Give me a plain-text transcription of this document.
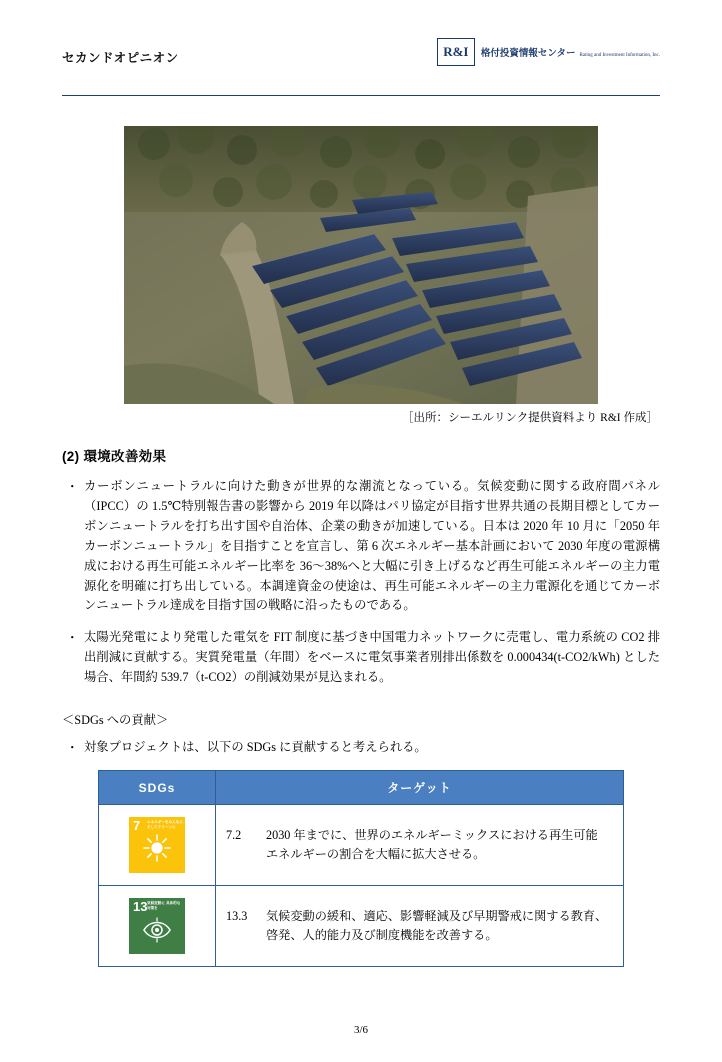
セカンドオピニオン	R&I 格付投資情報センター Rating and Investment Information, Inc.
［出所：シーエルリンク提供資料より R&I 作成］
(2) 環境改善効果
・ カーボンニュートラルに向けた動きが世界的な潮流となっている。気候変動に関する政府間パネル（IPCC）の 1.5℃特別報告書の影響から 2019 年以降はパリ協定が目指す世界共通の長期目標としてカーボンニュートラルを打ち出す国や自治体、企業の動きが加速している。日本は 2020 年 10 月に「2050 年カーボンニュートラル」を目指すことを宣言し、第 6 次エネルギー基本計画において 2030 年度の電源構成における再生可能エネルギー比率を 36〜38%へと大幅に引き上げるなど再生可能エネルギーの主力電源化を明確に打ち出している。本調達資金の使途は、再生可能エネルギーの主力電源化を通じてカーボンニュートラル達成を目指す国の戦略に沿ったものである。
・ 太陽光発電により発電した電気を FIT 制度に基づき中国電力ネットワークに売電し、電力系統の CO2 排出削減に貢献する。実質発電量（年間）をベースに電気事業者別排出係数を 0.000434(t-CO2/kWh) とした場合、年間約 539.7（t-CO2）の削減効果が見込まれる。
＜SDGs への貢献＞
・ 対象プロジェクトは、以下の SDGs に貢献すると考えられる。
SDGs	ターゲット

7 エネルギーをみんなに そしてクリーンに	7.2 2030 年までに、世界のエネルギーミックスにおける再生可能エネルギーの割合を大幅に拡大させる。

13 気候変動に 具体的な対策を	13.3 気候変動の緩和、適応、影響軽減及び早期警戒に関する教育、啓発、人的能力及び制度機能を改善する。
3/6
